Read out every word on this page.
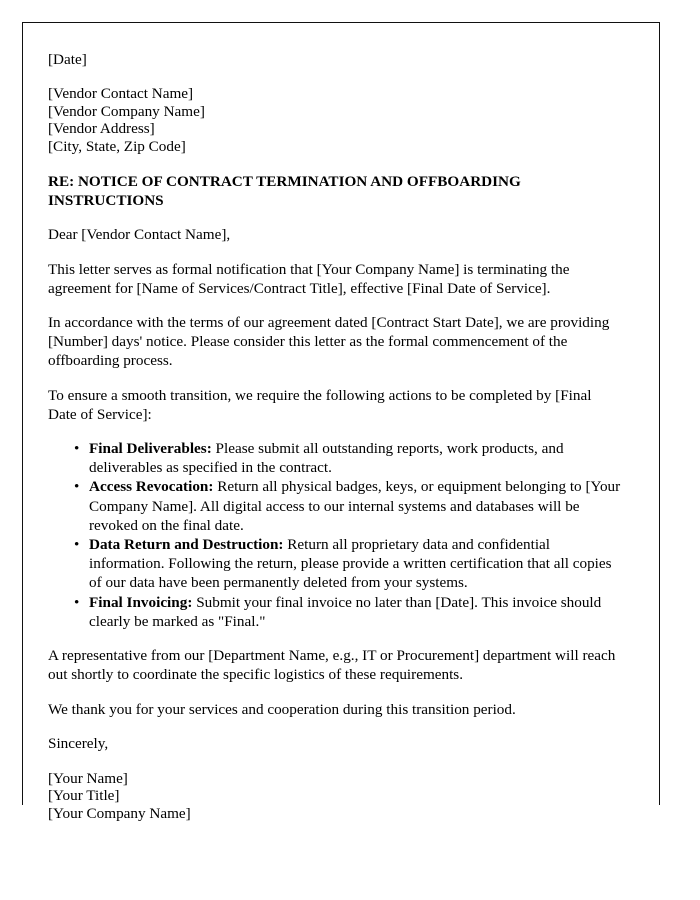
[Date]
[Vendor Contact Name]
[Vendor Company Name]
[Vendor Address]
[City, State, Zip Code]
RE: NOTICE OF CONTRACT TERMINATION AND OFFBOARDING INSTRUCTIONS

Dear [Vendor Contact Name],

This letter serves as formal notification that [Your Company Name] is terminating the agreement for [Name of Services/Contract Title], effective [Final Date of Service].

In accordance with the terms of our agreement dated [Contract Start Date], we are providing [Number] days' notice. Please consider this letter as the formal commencement of the offboarding process.

To ensure a smooth transition, we require the following actions to be completed by [Final Date of Service]:

• Final Deliverables: Please submit all outstanding reports, work products, and deliverables as specified in the contract.
• Access Revocation: Return all physical badges, keys, or equipment belonging to [Your Company Name]. All digital access to our internal systems and databases will be revoked on the final date.
• Data Return and Destruction: Return all proprietary data and confidential information. Following the return, please provide a written certification that all copies of our data have been permanently deleted from your systems.
• Final Invoicing: Submit your final invoice no later than [Date]. This invoice should clearly be marked as "Final."

A representative from our [Department Name, e.g., IT or Procurement] department will reach out shortly to coordinate the specific logistics of these requirements.

We thank you for your services and cooperation during this transition period.

Sincerely,

[Your Name]
[Your Title]
[Your Company Name]
